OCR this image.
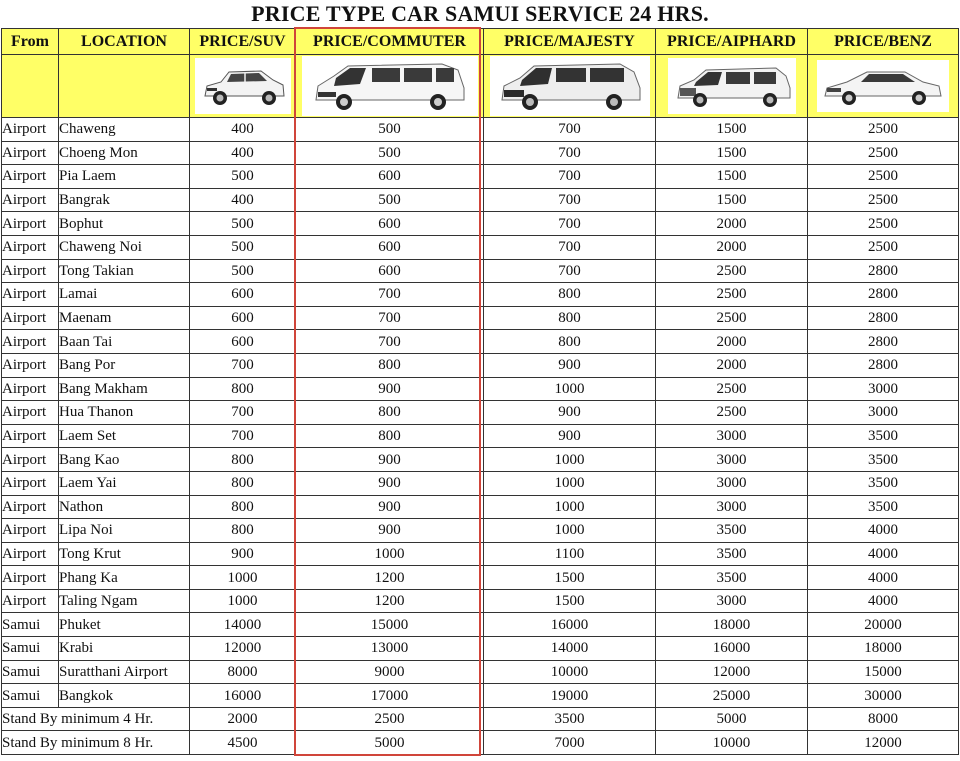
PRICE TYPE CAR SAMUI SERVICE 24 HRS.
From	LOCATION	PRICE/SUV	PRICE/COMMUTER	PRICE/MAJESTY	PRICE/AIPHARD	PRICE/BENZ

Airport	Chaweng	400	500	700	1500	2500
Airport	Choeng Mon	400	500	700	1500	2500
Airport	Pia Laem	500	600	700	1500	2500
Airport	Bangrak	400	500	700	1500	2500
Airport	Bophut	500	600	700	2000	2500
Airport	Chaweng Noi	500	600	700	2000	2500
Airport	Tong Takian	500	600	700	2500	2800
Airport	Lamai	600	700	800	2500	2800
Airport	Maenam	600	700	800	2500	2800
Airport	Baan Tai	600	700	800	2000	2800
Airport	Bang Por	700	800	900	2000	2800
Airport	Bang Makham	800	900	1000	2500	3000
Airport	Hua Thanon	700	800	900	2500	3000
Airport	Laem Set	700	800	900	3000	3500
Airport	Bang Kao	800	900	1000	3000	3500
Airport	Laem Yai	800	900	1000	3000	3500
Airport	Nathon	800	900	1000	3000	3500
Airport	Lipa Noi	800	900	1000	3500	4000
Airport	Tong Krut	900	1000	1100	3500	4000
Airport	Phang Ka	1000	1200	1500	3500	4000
Airport	Taling Ngam	1000	1200	1500	3000	4000
Samui	Phuket	14000	15000	16000	18000	20000
Samui	Krabi	12000	13000	14000	16000	18000
Samui	Suratthani Airport	8000	9000	10000	12000	15000
Samui	Bangkok	16000	17000	19000	25000	30000
Stand By minimum 4 Hr.		2000	2500	3500	5000	8000
Stand By minimum 8 Hr.		4500	5000	7000	10000	12000
